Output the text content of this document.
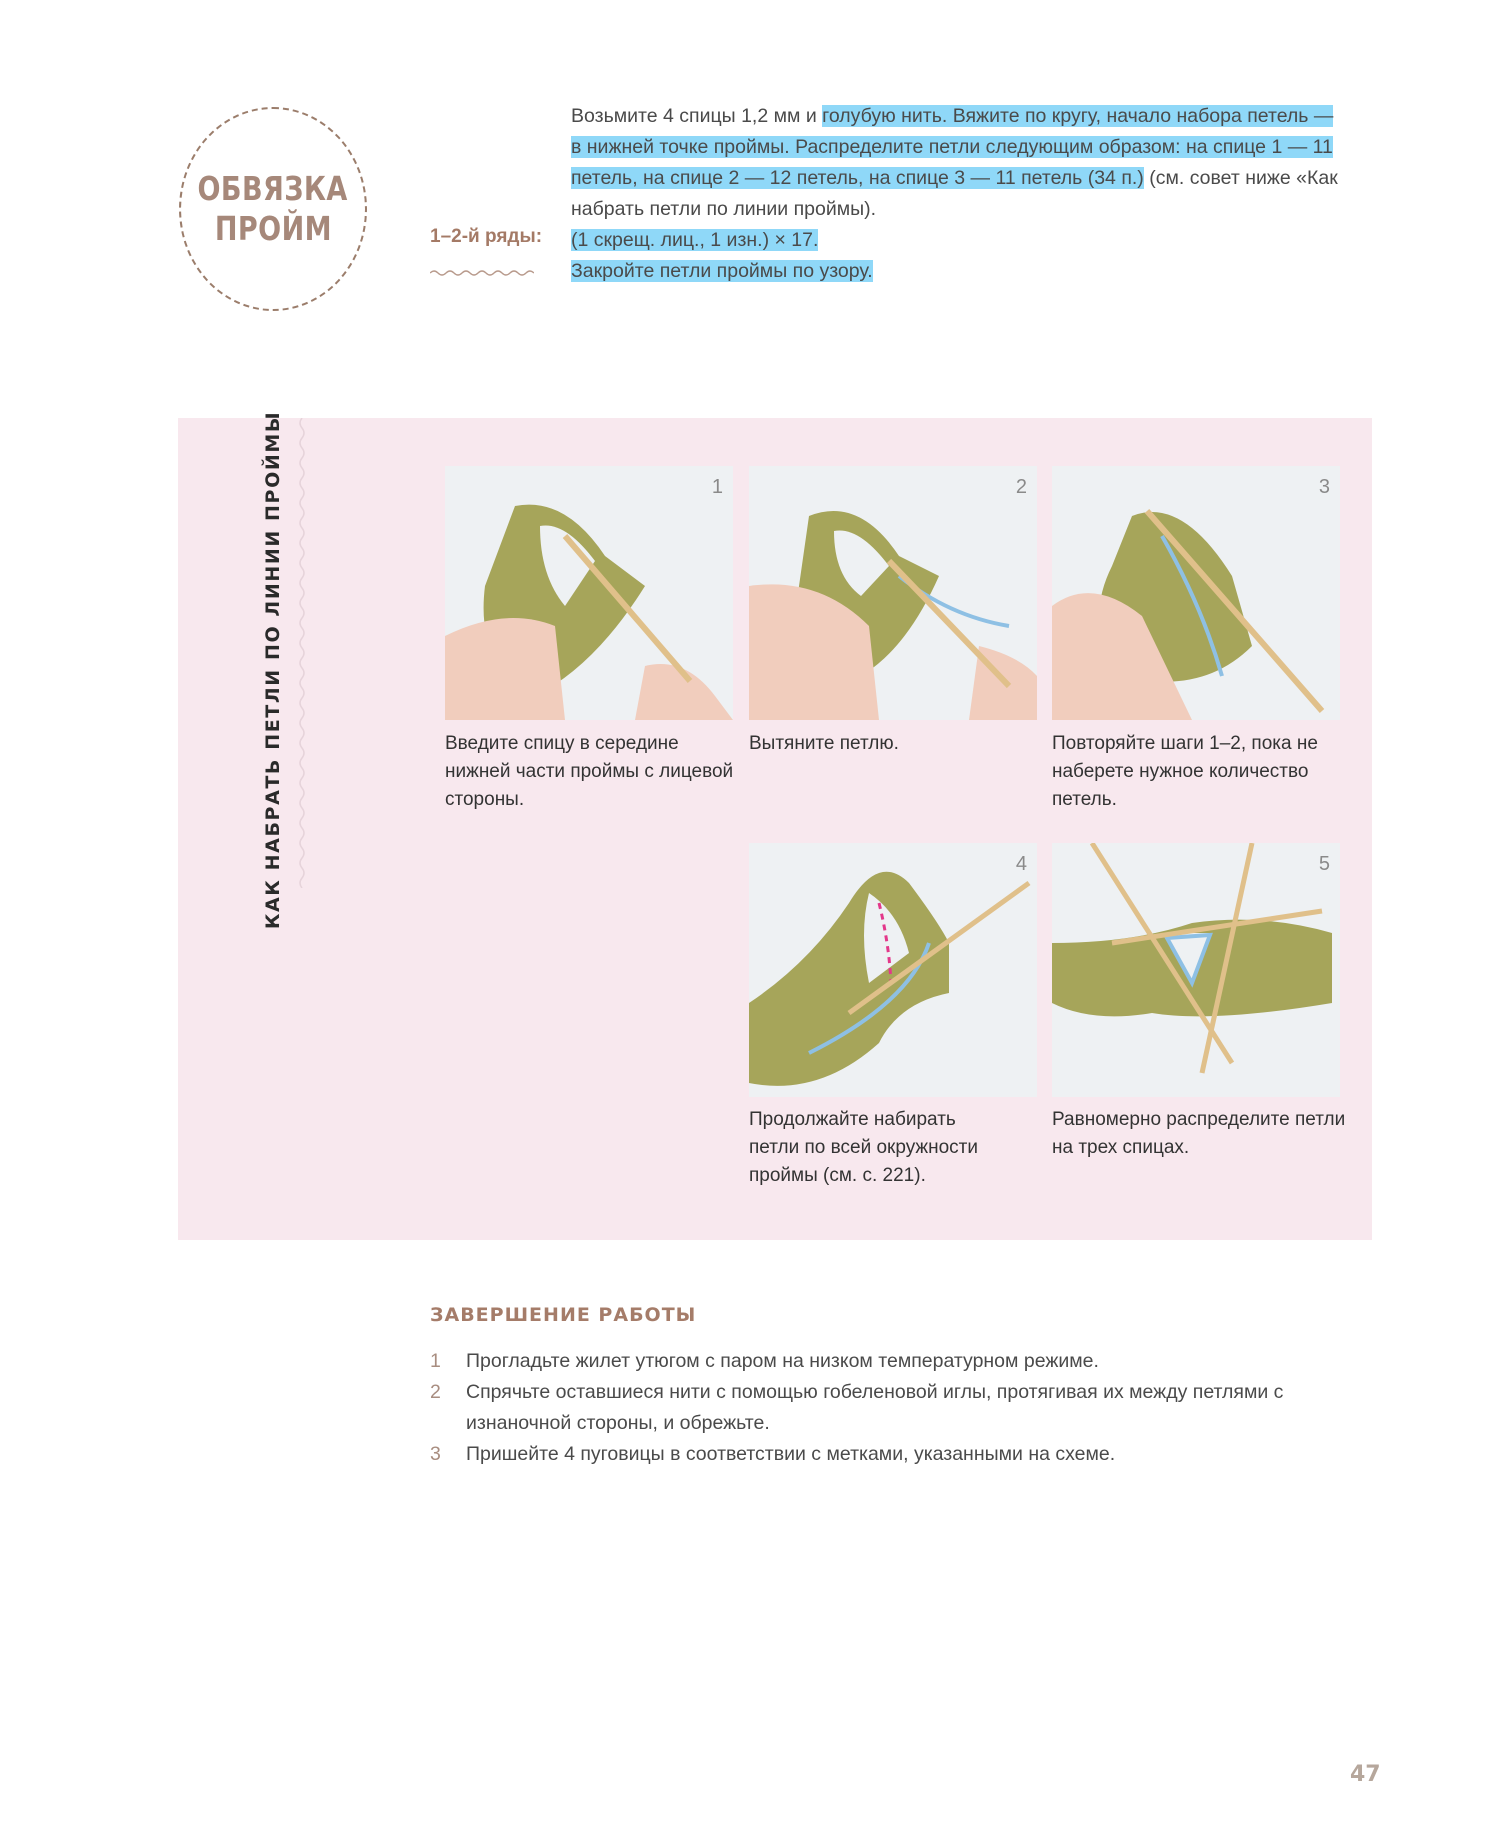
ОБВЯЗКА
ПРОЙМ

Возьмите 4 спицы 1,2 мм и голубую нить. Вяжите по кругу, начало набора петель — в нижней точке проймы. Распределите петли следующим образом: на спице 1 — 11 петель, на спице 2 — 12 петель, на спице 3 — 11 петель (34 п.) (см. совет ниже «Как набрать петли по линии проймы).

(1 скрещ. лиц., 1 изн.) × 17.

Закройте петли проймы по узору.

1–2-й ряды:
КАК НАБРАТЬ ПЕТЛИ ПО ЛИНИИ ПРОЙМЫ	1
Введите спицу в середине нижней части проймы с лицевой стороны.
2
Вытяните петлю.
3
Повторяйте шаги 1–2, пока не наберете нужное количество петель.
4
Продолжайте набирать петли по всей окружности проймы (см. с. 221).
5
Равномерно распределите петли на трех спицах.
ЗАВЕРШЕНИЕ РАБОТЫ
1	Прогладьте жилет утюгом с паром на низком температурном режиме.
2	Спрячьте оставшиеся нити с помощью гобеленовой иглы, протягивая их между петлями с изнаночной стороны, и обрежьте.
3	Пришейте 4 пуговицы в соответствии с метками, указанными на схеме.
47
